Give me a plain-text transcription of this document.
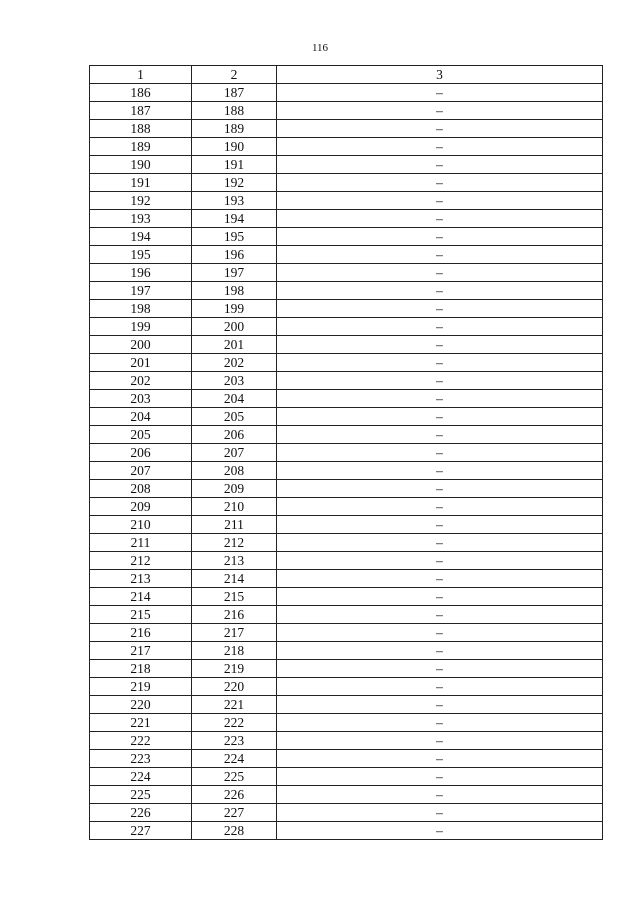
116
1	2	3
186	187	–
187	188	–
188	189	–
189	190	–
190	191	–
191	192	–
192	193	–
193	194	–
194	195	–
195	196	–
196	197	–
197	198	–
198	199	–
199	200	–
200	201	–
201	202	–
202	203	–
203	204	–
204	205	–
205	206	–
206	207	–
207	208	–
208	209	–
209	210	–
210	211	–
211	212	–
212	213	–
213	214	–
214	215	–
215	216	–
216	217	–
217	218	–
218	219	–
219	220	–
220	221	–
221	222	–
222	223	–
223	224	–
224	225	–
225	226	–
226	227	–
227	228	–
